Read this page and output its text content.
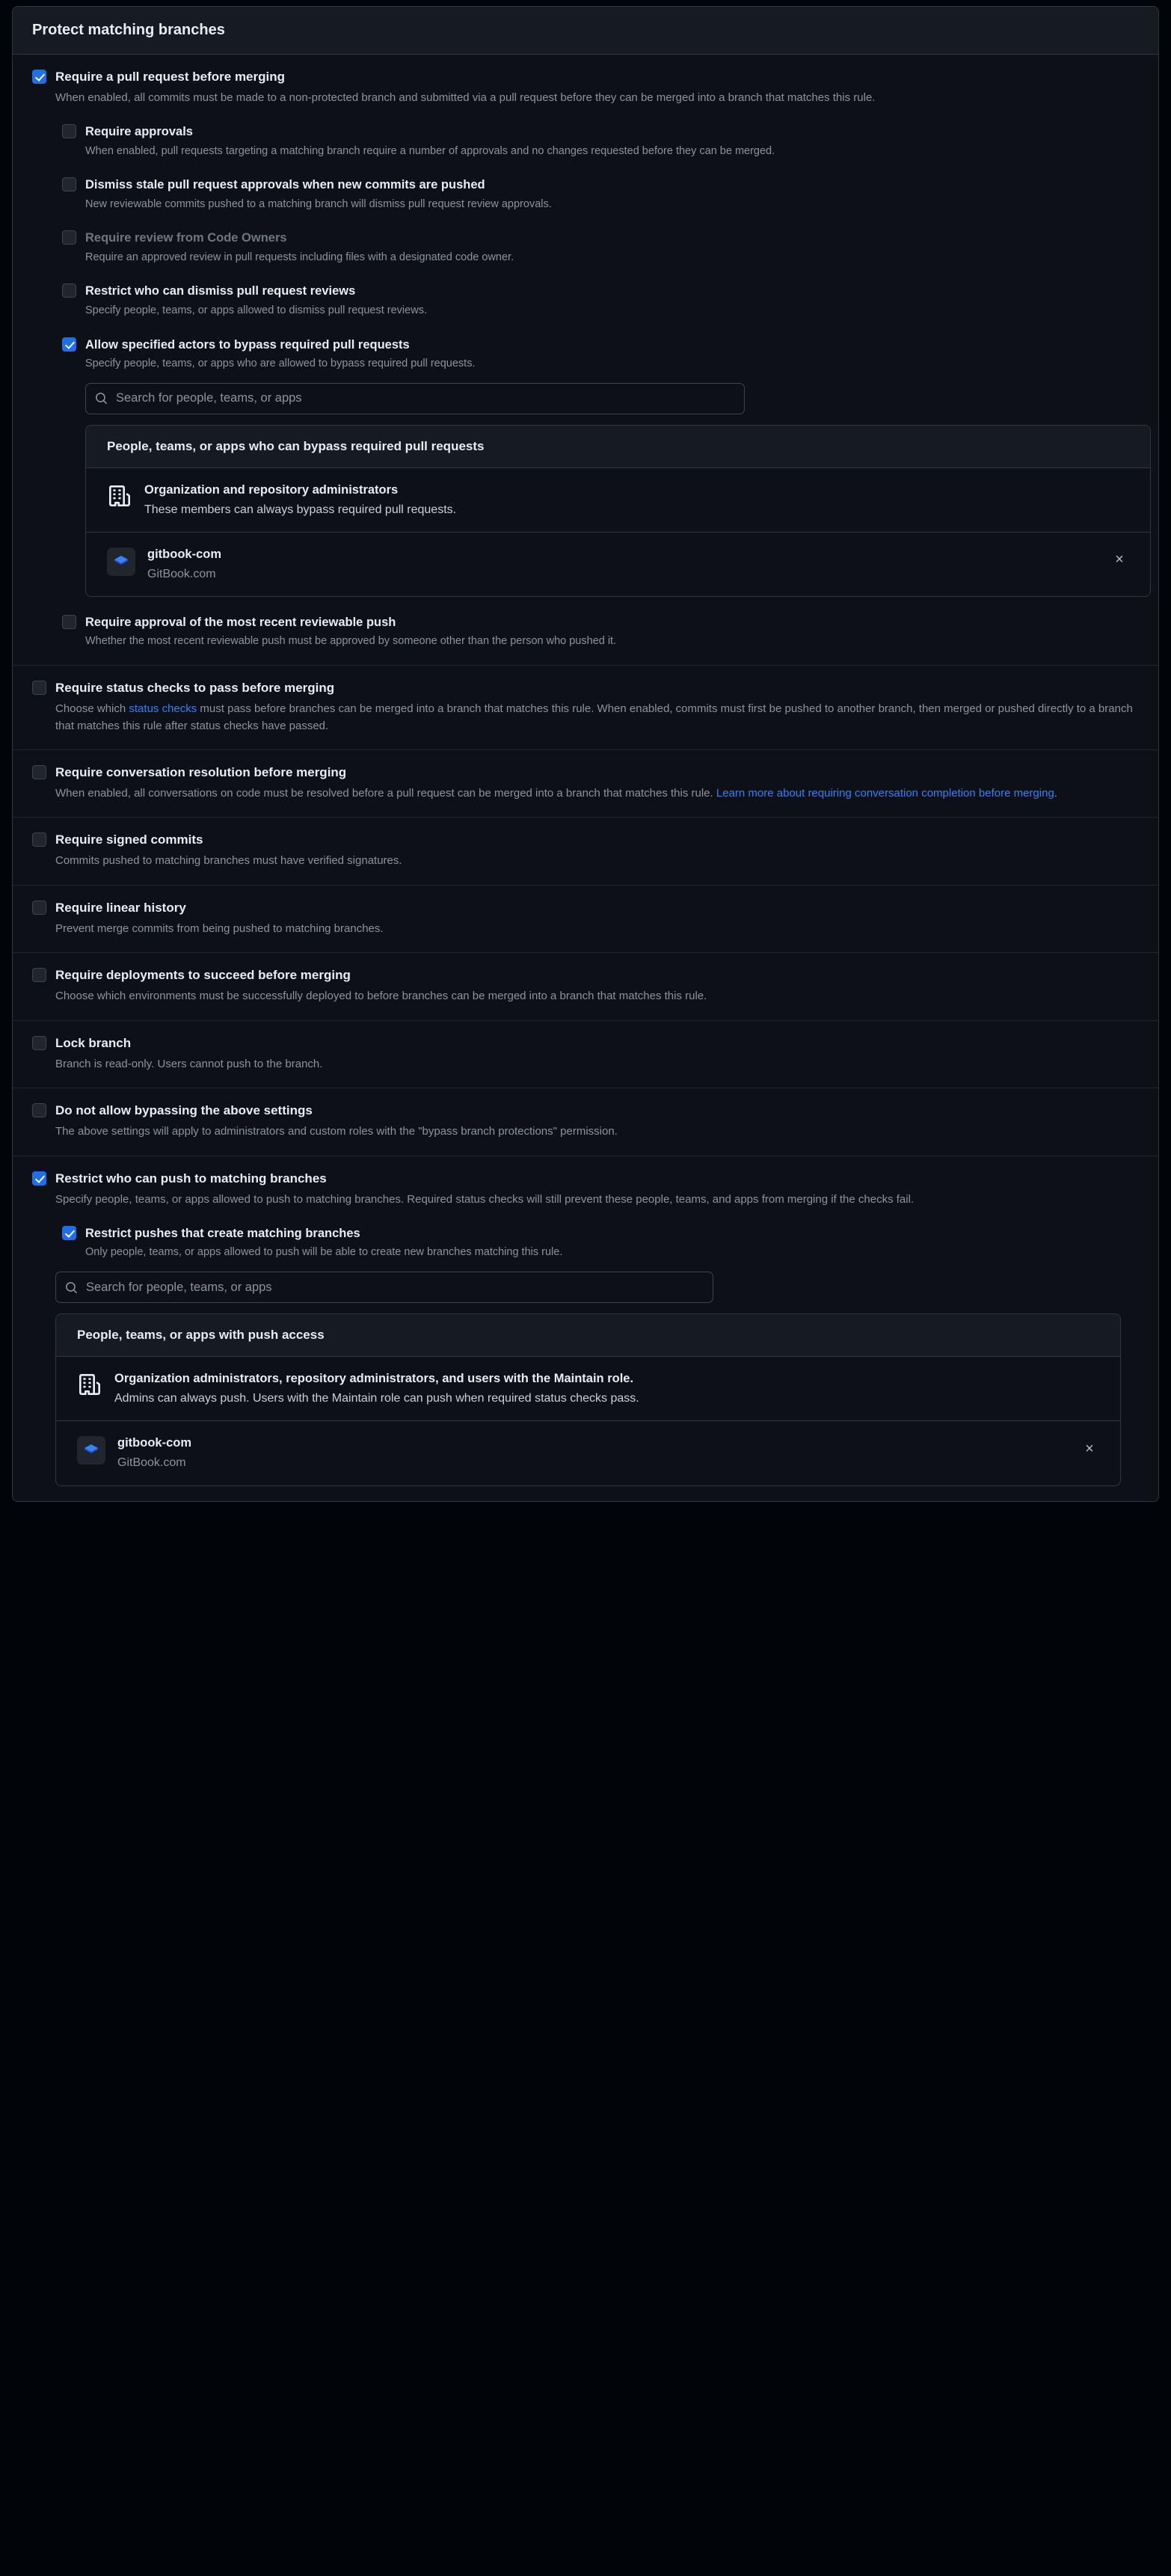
Protect matching branches
Require a pull request before merging
When enabled, all commits must be made to a non-protected branch and submitted via a pull request before they can be merged into a branch that matches this rule.
Require approvals
When enabled, pull requests targeting a matching branch require a number of approvals and no changes requested before they can be merged.
Dismiss stale pull request approvals when new commits are pushed
New reviewable commits pushed to a matching branch will dismiss pull request review approvals.
Require review from Code Owners
Require an approved review in pull requests including files with a designated code owner.
Restrict who can dismiss pull request reviews
Specify people, teams, or apps allowed to dismiss pull request reviews.
Allow specified actors to bypass required pull requests
Specify people, teams, or apps who are allowed to bypass required pull requests.
Search for people, teams, or apps
People, teams, or apps who can bypass required pull requests
Organization and repository administrators
These members can always bypass required pull requests.
gitbook-com
GitBook.com
×
Require approval of the most recent reviewable push
Whether the most recent reviewable push must be approved by someone other than the person who pushed it.
Require status checks to pass before merging
Choose which status checks must pass before branches can be merged into a branch that matches this rule. When enabled, commits must first be pushed to another branch, then merged or pushed directly to a branch that matches this rule after status checks have passed.
Require conversation resolution before merging
When enabled, all conversations on code must be resolved before a pull request can be merged into a branch that matches this rule. Learn more about requiring conversation completion before merging.
Require signed commits
Commits pushed to matching branches must have verified signatures.
Require linear history
Prevent merge commits from being pushed to matching branches.
Require deployments to succeed before merging
Choose which environments must be successfully deployed to before branches can be merged into a branch that matches this rule.
Lock branch
Branch is read-only. Users cannot push to the branch.
Do not allow bypassing the above settings
The above settings will apply to administrators and custom roles with the "bypass branch protections" permission.
Restrict who can push to matching branches
Specify people, teams, or apps allowed to push to matching branches. Required status checks will still prevent these people, teams, and apps from merging if the checks fail.
Restrict pushes that create matching branches
Only people, teams, or apps allowed to push will be able to create new branches matching this rule.
Search for people, teams, or apps
People, teams, or apps with push access
Organization administrators, repository administrators, and users with the Maintain role.
Admins can always push. Users with the Maintain role can push when required status checks pass.
gitbook-com
GitBook.com
×
